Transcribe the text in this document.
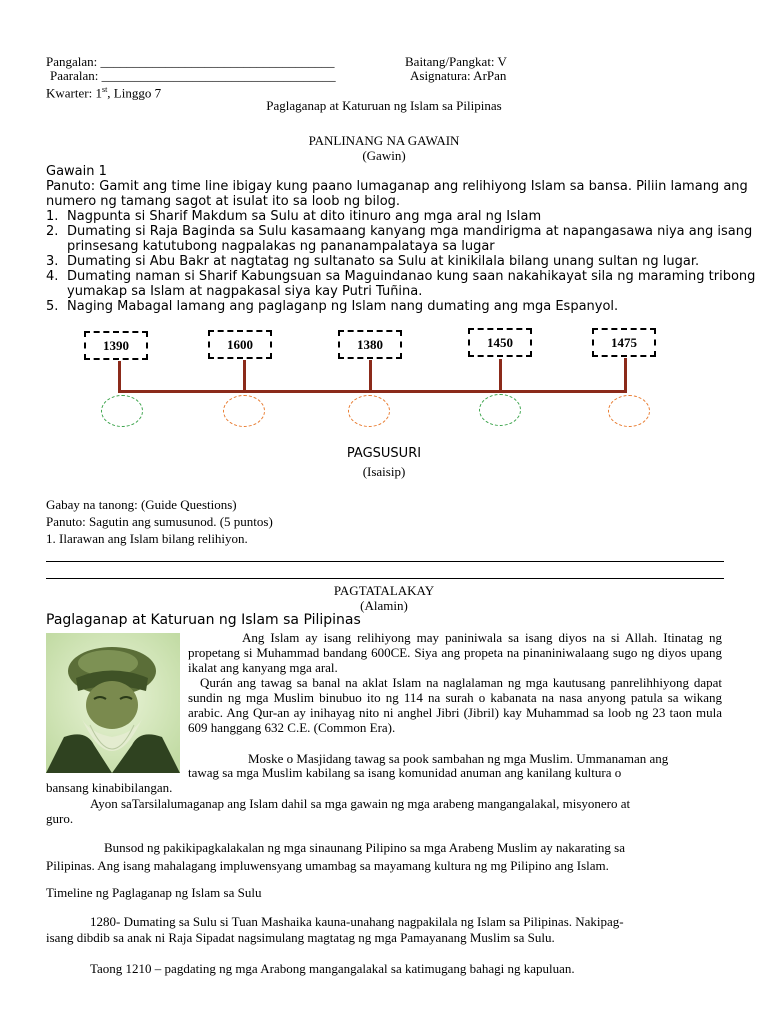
Pangalan: ____________________________________
Paaralan: ____________________________________
Kwarter: 1st, Linggo 7
Baitang/Pangkat: V
Asignatura: ArPan
Paglaganap at Katuruan ng Islam sa Pilipinas
PANLINANG NA GAWAIN
(Gawin)
Gawain 1
Panuto: Gamit ang time line ibigay kung paano lumaganap ang relihiyong Islam sa bansa. Piliin lamang ang
numero ng tamang sagot at isulat ito sa loob ng bilog.
1. Nagpunta si Sharif Makdum sa Sulu at dito itinuro ang mga aral ng Islam
2. Dumating si Raja Baginda sa Sulu kasamaang kanyang mga mandirigma at napangasawa niya ang isang
prinsesang katutubong nagpalakas ng pananampalataya sa lugar
3. Dumating si Abu Bakr at nagtatag ng sultanato sa Sulu at kinikilala bilang unang sultan ng lugar.
4. Dumating naman si Sharif Kabungsuan sa Maguindanao kung saan nakahikayat sila ng maraming tribong
yumakap sa Islam at nagpakasal siya kay Putri Tuñina.
5. Naging Mabagal lamang ang paglaganp ng Islam nang dumating ang mga Espanyol.
1390	1600	1380	1450	1475
PAGSUSURI
(Isaisip)
Gabay na tanong: (Guide Questions)
Panuto: Sagutin ang sumusunod. (5 puntos)
1. Ilarawan ang Islam bilang relihiyon.
PAGTATALAKAY
(Alamin)
Paglaganap at Katuruan ng Islam sa Pilipinas
Ang Islam ay isang relihiyong may paniniwala sa isang diyos na si Allah. Itinatag ng propetang si Muhammad bandang 600CE. Siya ang propeta na pinaniniwalaang sugo ng diyos upang ikalat ang kanyang mga aral.
Qurán ang tawag sa banal na aklat Islam na naglalaman ng mga kautusang panrelihhiyong dapat sundin ng mga Muslim binubuo ito ng 114 na surah o kabanata na nasa anyong patula sa wikang arabic. Ang Qur-an ay inihayag nito ni anghel Jibri (Jibril) kay Muhammad sa loob ng 23 taon mula 609 hanggang 632 C.E. (Common Era).
Moske o Masjidang tawag sa pook sambahan ng mga Muslim. Ummanaman ang
tawag sa mga Muslim kabilang sa isang komunidad anuman ang kanilang kultura o
bansang kinabibilangan.
Ayon saTarsilalumaganap ang Islam dahil sa mga gawain ng mga arabeng mangangalakal, misyonero at
guro.
Bunsod ng pakikipagkalakalan ng mga sinaunang Pilipino sa mga Arabeng Muslim ay nakarating sa
Pilipinas. Ang isang mahalagang impluwensyang umambag sa mayamang kultura ng mg Pilipino ang Islam.
Timeline ng Paglaganap ng Islam sa Sulu
1280- Dumating sa Sulu si Tuan Mashaika kauna-unahang nagpakilala ng Islam sa Pilipinas. Nakipag-
isang dibdib sa anak ni Raja Sipadat nagsimulang magtatag ng mga Pamayanang Muslim sa Sulu.
Taong 1210 – pagdating ng mga Arabong mangangalakal sa katimugang bahagi ng kapuluan.
